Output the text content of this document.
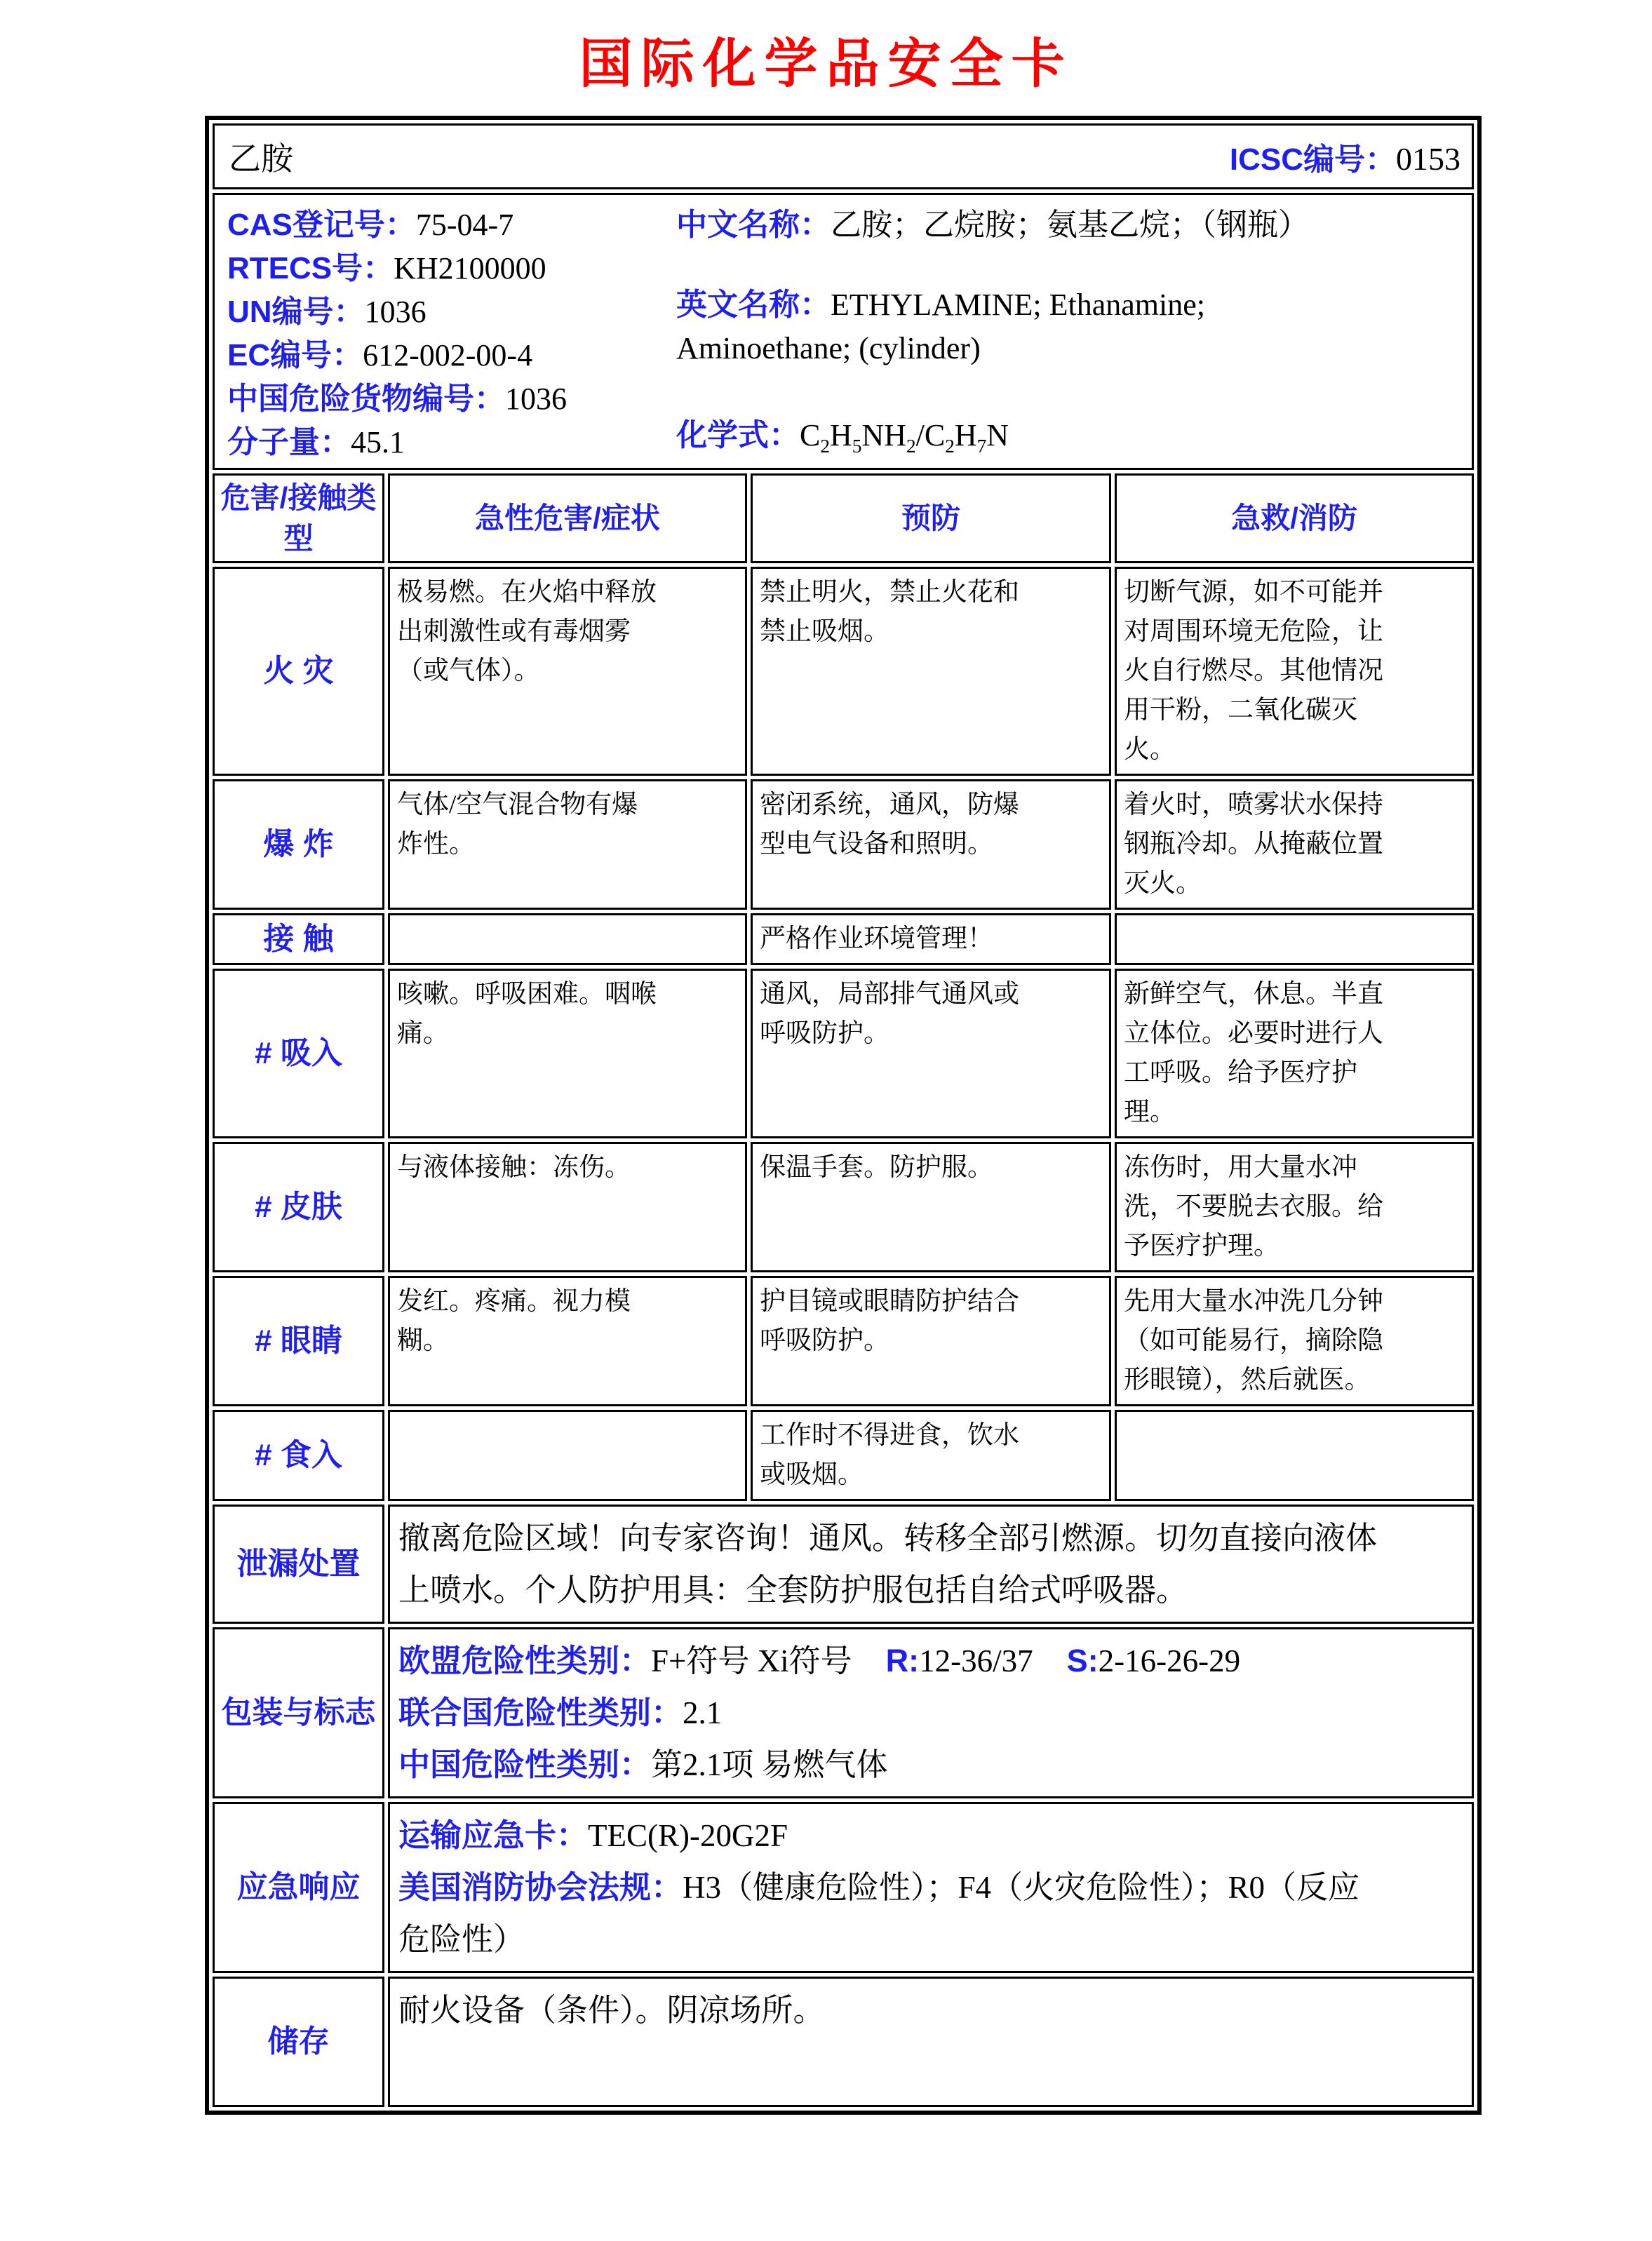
国际化学品安全卡
乙胺 ICSC编号：0153			

CAS登记号：75-04-7
RTECS号：KH2100000
UN编号：1036
EC编号：612-002-00-4
中国危险货物编号：1036
分子量：45.1
中文名称：乙胺；乙烷胺；氨基乙烷；（钢瓶）
英文名称：ETHYLAMINE; Ethanamine;
Aminoethane; (cylinder)
化学式：$C_2H_5NH_2/C_2H_7N$

危害/接触类型	急性危害/症状	预防	急救/消防
火 灾	极易燃。在火焰中释放出刺激性或有毒烟雾（或气体）。	禁止明火，禁止火花和禁止吸烟。	切断气源，如不可能并对周围环境无危险，让火自行燃尽。其他情况用干粉，二氧化碳灭火。
爆 炸	气体/空气混合物有爆炸性。	密闭系统，通风，防爆型电气设备和照明。	着火时，喷雾状水保持钢瓶冷却。从掩蔽位置灭火。
接 触		严格作业环境管理！	
# 吸入	咳嗽。呼吸困难。咽喉痛。	通风，局部排气通风或呼吸防护。	新鲜空气，休息。半直立体位。必要时进行人工呼吸。给予医疗护理。
# 皮肤	与液体接触：冻伤。	保温手套。防护服。	冻伤时，用大量水冲洗，不要脱去衣服。给予医疗护理。
# 眼睛	发红。疼痛。视力模糊。	护目镜或眼睛防护结合呼吸防护。	先用大量水冲洗几分钟（如可能易行，摘除隐形眼镜），然后就医。
# 食入		工作时不得进食，饮水或吸烟。	
泄漏处置	撤离危险区域！向专家咨询！通风。转移全部引燃源。切勿直接向液体上喷水。个人防护用具：全套防护服包括自给式呼吸器。		
包装与标志	欧盟危险性类别：F+符号 Xi符号 R:12-36/37 S:2-16-26-29
联合国危险性类别：2.1
中国危险性类别：第2.1项 易燃气体		

应急响应	运输应急卡：TEC(R)-20G2F
美国消防协会法规：H3（健康危险性）；F4（火灾危险性）；R0（反应危险性）		

储存	耐火设备（条件）。阴凉场所。		
